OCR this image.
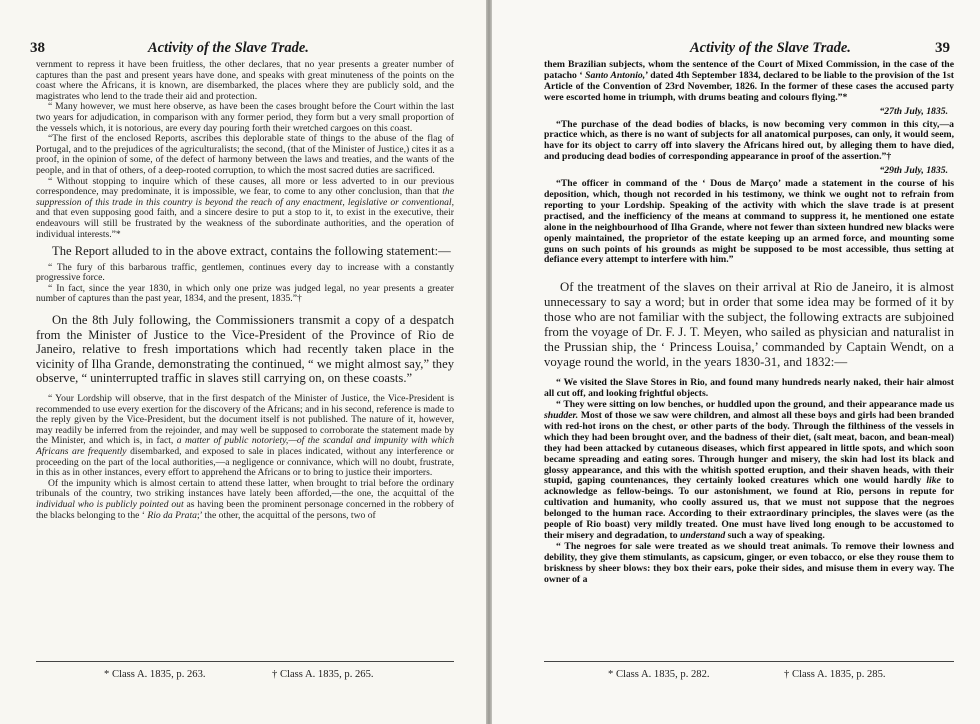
38	Activity of the Slave Trade.

vernment to repress it have been fruitless, the other declares, that no year presents a greater number of captures than the past and present years have done, and speaks with great minuteness of the points on the coast where the Africans, it is known, are disembarked, the places where they are publicly sold, and the magistrates who lend to the trade their aid and protection.

“ Many however, we must here observe, as have been the cases brought before the Court within the last two years for adjudication, in comparison with any former period, they form but a very small proportion of the vessels which, it is notorious, are every day pouring forth their wretched cargoes on this coast.

“The first of the enclosed Reports, ascribes this deplorable state of things to the abuse of the flag of Portugal, and to the prejudices of the agriculturalists; the second, (that of the Minister of Justice,) cites it as a proof, in the opinion of some, of the defect of harmony between the laws and treaties, and the wants of the people, and in that of others, of a deep-rooted corruption, to which the most sacred duties are sacrificed.

“ Without stopping to inquire which of these causes, all more or less adverted to in our previous correspondence, may predominate, it is impossible, we fear, to come to any other conclusion, than that the suppression of this trade in this country is beyond the reach of any enactment, legislative or conventional, and that even supposing good faith, and a sincere desire to put a stop to it, to exist in the executive, their endeavours will still be frustrated by the weakness of the subordinate authorities, and the operation of individual interests.”*

The Report alluded to in the above extract, contains the following statement:—

“ The fury of this barbarous traffic, gentlemen, continues every day to increase with a constantly progressive force.

“ In fact, since the year 1830, in which only one prize was judged legal, no year presents a greater number of captures than the past year, 1834, and the present, 1835.”†

On the 8th July following, the Commissioners transmit a copy of a despatch from the Minister of Justice to the Vice-President of the Province of Rio de Janeiro, relative to fresh importations which had recently taken place in the vicinity of Ilha Grande, demonstrating the continued, “ we might almost say,” they observe, “ uninterrupted traffic in slaves still carrying on, on these coasts.”

“ Your Lordship will observe, that in the first despatch of the Minister of Justice, the Vice-President is recommended to use every exertion for the discovery of the Africans; and in his second, reference is made to the reply given by the Vice-President, but the document itself is not published. The nature of it, however, may readily be inferred from the rejoinder, and may well be supposed to corroborate the statement made by the Minister, and which is, in fact, a matter of public notoriety,—of the scandal and impunity with which Africans are frequently disembarked, and exposed to sale in places indicated, without any interference or proceeding on the part of the local authorities,—a negligence or connivance, which will no doubt, frustrate, in this as in other instances, every effort to apprehend the Africans or to bring to justice their importers.

Of the impunity which is almost certain to attend these latter, when brought to trial before the ordinary tribunals of the country, two striking instances have lately been afforded,—the one, the acquittal of the individual who is publicly pointed out as having been the prominent personage concerned in the robbery of the blacks belonging to the ‘ Rio da Prata;’ the other, the acquittal of the persons, two of

* Class A. 1835, p. 263.	† Class A. 1835, p. 265.
Activity of the Slave Trade.	39

them Brazilian subjects, whom the sentence of the Court of Mixed Commission, in the case of the patacho ‘ Santo Antonio,’ dated 4th September 1834, declared to be liable to the provision of the 1st Article of the Convention of 23rd November, 1826. In the former of these cases the accused party were escorted home in triumph, with drums beating and colours flying.”*

“27th July, 1835.

“The purchase of the dead bodies of blacks, is now becoming very common in this city,—a practice which, as there is no want of subjects for all anatomical purposes, can only, it would seem, have for its object to carry off into slavery the Africans hired out, by alleging them to have died, and producing dead bodies of corresponding appearance in proof of the assertion.”†

“29th July, 1835.

“The officer in command of the ‘ Dous de Março’ made a statement in the course of his deposition, which, though not recorded in his testimony, we think we ought not to refrain from reporting to your Lordship. Speaking of the activity with which the slave trade is at present practised, and the inefficiency of the means at command to suppress it, he mentioned one estate alone in the neighbourhood of Ilha Grande, where not fewer than sixteen hundred new blacks were openly maintained, the proprietor of the estate keeping up an armed force, and mounting some guns on such points of his grounds as might be supposed to be most accessible, thus setting at defiance every attempt to interfere with him.”

Of the treatment of the slaves on their arrival at Rio de Janeiro, it is almost unnecessary to say a word; but in order that some idea may be formed of it by those who are not familiar with the subject, the following extracts are subjoined from the voyage of Dr. F. J. T. Meyen, who sailed as physician and naturalist in the Prussian ship, the ‘ Princess Louisa,’ commanded by Captain Wendt, on a voyage round the world, in the years 1830-31, and 1832:—

“ We visited the Slave Stores in Rio, and found many hundreds nearly naked, their hair almost all cut off, and looking frightful objects.

“ They were sitting on low benches, or huddled upon the ground, and their appearance made us shudder. Most of those we saw were children, and almost all these boys and girls had been branded with red-hot irons on the chest, or other parts of the body. Through the filthiness of the vessels in which they had been brought over, and the badness of their diet, (salt meat, bacon, and bean-meal) they had been attacked by cutaneous diseases, which first appeared in little spots, and which soon became spreading and eating sores. Through hunger and misery, the skin had lost its black and glossy appearance, and this with the whitish spotted eruption, and their shaven heads, with their stupid, gaping countenances, they certainly looked creatures which one would hardly like to acknowledge as fellow-beings. To our astonishment, we found at Rio, persons in repute for cultivation and humanity, who coolly assured us, that we must not suppose that the negroes belonged to the human race. According to their extraordinary principles, the slaves were (as the people of Rio boast) very mildly treated. One must have lived long enough to be accustomed to their misery and degradation, to understand such a way of speaking.

“ The negroes for sale were treated as we should treat animals. To remove their lowness and debility, they give them stimulants, as capsicum, ginger, or even tobacco, or else they rouse them to briskness by sheer blows: they box their ears, poke their sides, and misuse them in every way. The owner of a

* Class A. 1835, p. 282.	† Class A. 1835, p. 285.
